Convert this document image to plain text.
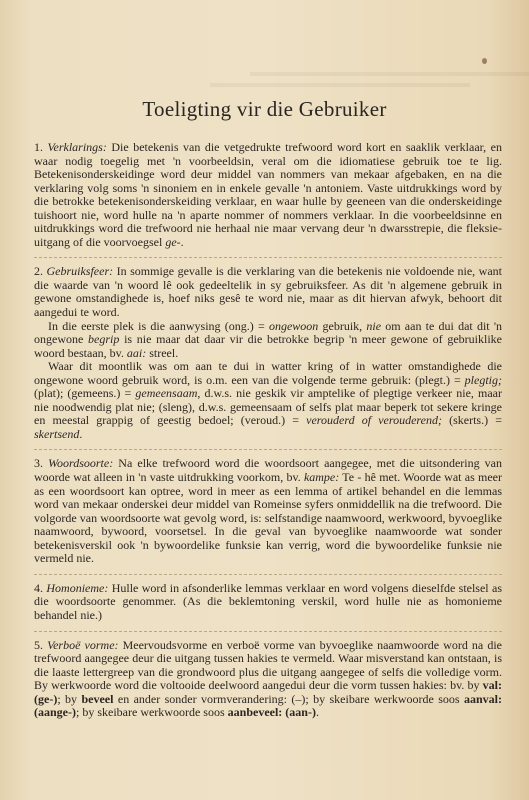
Toeligting vir die Gebruiker

1. Verklarings: Die betekenis van die vetgedrukte trefwoord word kort en saaklik verklaar, en waar nodig toegelig met 'n voorbeeldsin, veral om die idiomatiese gebruik toe te lig. Betekenisonderskeidinge word deur middel van nommers van mekaar afgebaken, en na die verklaring volg soms 'n sinoniem en in enkele gevalle 'n antoniem. Vaste uitdrukkings word by die betrokke betekenisonderskeiding verklaar, en waar hulle by geeneen van die onderskeidinge tuishoort nie, word hulle na 'n aparte nommer of nommers verklaar. In die voorbeeldsinne en uitdrukkings word die trefwoord nie herhaal nie maar vervang deur 'n dwarsstrepie, die fleksie-uitgang of die voorvoegsel ge-.

2. Gebruiksfeer: In sommige gevalle is die verklaring van die betekenis nie voldoende nie, want die waarde van 'n woord lê ook gedeeltelik in sy gebruiksfeer. As dit 'n algemene gebruik in gewone omstandighede is, hoef niks gesê te word nie, maar as dit hiervan afwyk, behoort dit aangedui te word.

In die eerste plek is die aanwysing (ong.) = ongewoon gebruik, nie om aan te dui dat dit 'n ongewone begrip is nie maar dat daar vir die betrokke begrip 'n meer gewone of gebruiklike woord bestaan, bv. aai: streel.

Waar dit moontlik was om aan te dui in watter kring of in watter omstandighede die ongewone woord gebruik word, is o.m. een van die volgende terme gebruik: (plegt.) = plegtig; (plat); (gemeens.) = gemeensaam, d.w.s. nie geskik vir amptelike of plegtige verkeer nie, maar nie noodwendig plat nie; (sleng), d.w.s. gemeensaam of selfs plat maar beperk tot sekere kringe en meestal grappig of geestig bedoel; (veroud.) = verouderd of verouderend; (skerts.) = skertsend.

3. Woordsoorte: Na elke trefwoord word die woordsoort aangegee, met die uitsondering van woorde wat alleen in 'n vaste uitdrukking voorkom, bv. kampe: Te - hê met. Woorde wat as meer as een woordsoort kan optree, word in meer as een lemma of artikel behandel en die lemmas word van mekaar onderskei deur middel van Romeinse syfers onmiddellik na die trefwoord. Die volgorde van woordsoorte wat gevolg word, is: selfstandige naamwoord, werkwoord, byvoeglike naamwoord, bywoord, voorsetsel. In die geval van byvoeglike naamwoorde wat sonder betekenisverskil ook 'n bywoordelike funksie kan verrig, word die bywoordelike funksie nie vermeld nie.

4. Homonieme: Hulle word in afsonderlike lemmas verklaar en word volgens dieselfde stelsel as die woordsoorte genommer. (As die beklemtoning verskil, word hulle nie as homonieme behandel nie.)

5. Verboë vorme: Meervoudsvorme en verboë vorme van byvoeglike naamwoorde word na die trefwoord aangegee deur die uitgang tussen hakies te vermeld. Waar misverstand kan ontstaan, is die laaste lettergreep van die grondwoord plus die uitgang aangegee of selfs die volledige vorm. By werkwoorde word die voltooide deelwoord aangedui deur die vorm tussen hakies: bv. by val: (ge-); by beveel en ander sonder vormverandering: (–); by skeibare werkwoorde soos aanval: (aange-); by skeibare werkwoorde soos aanbeveel: (aan-).
